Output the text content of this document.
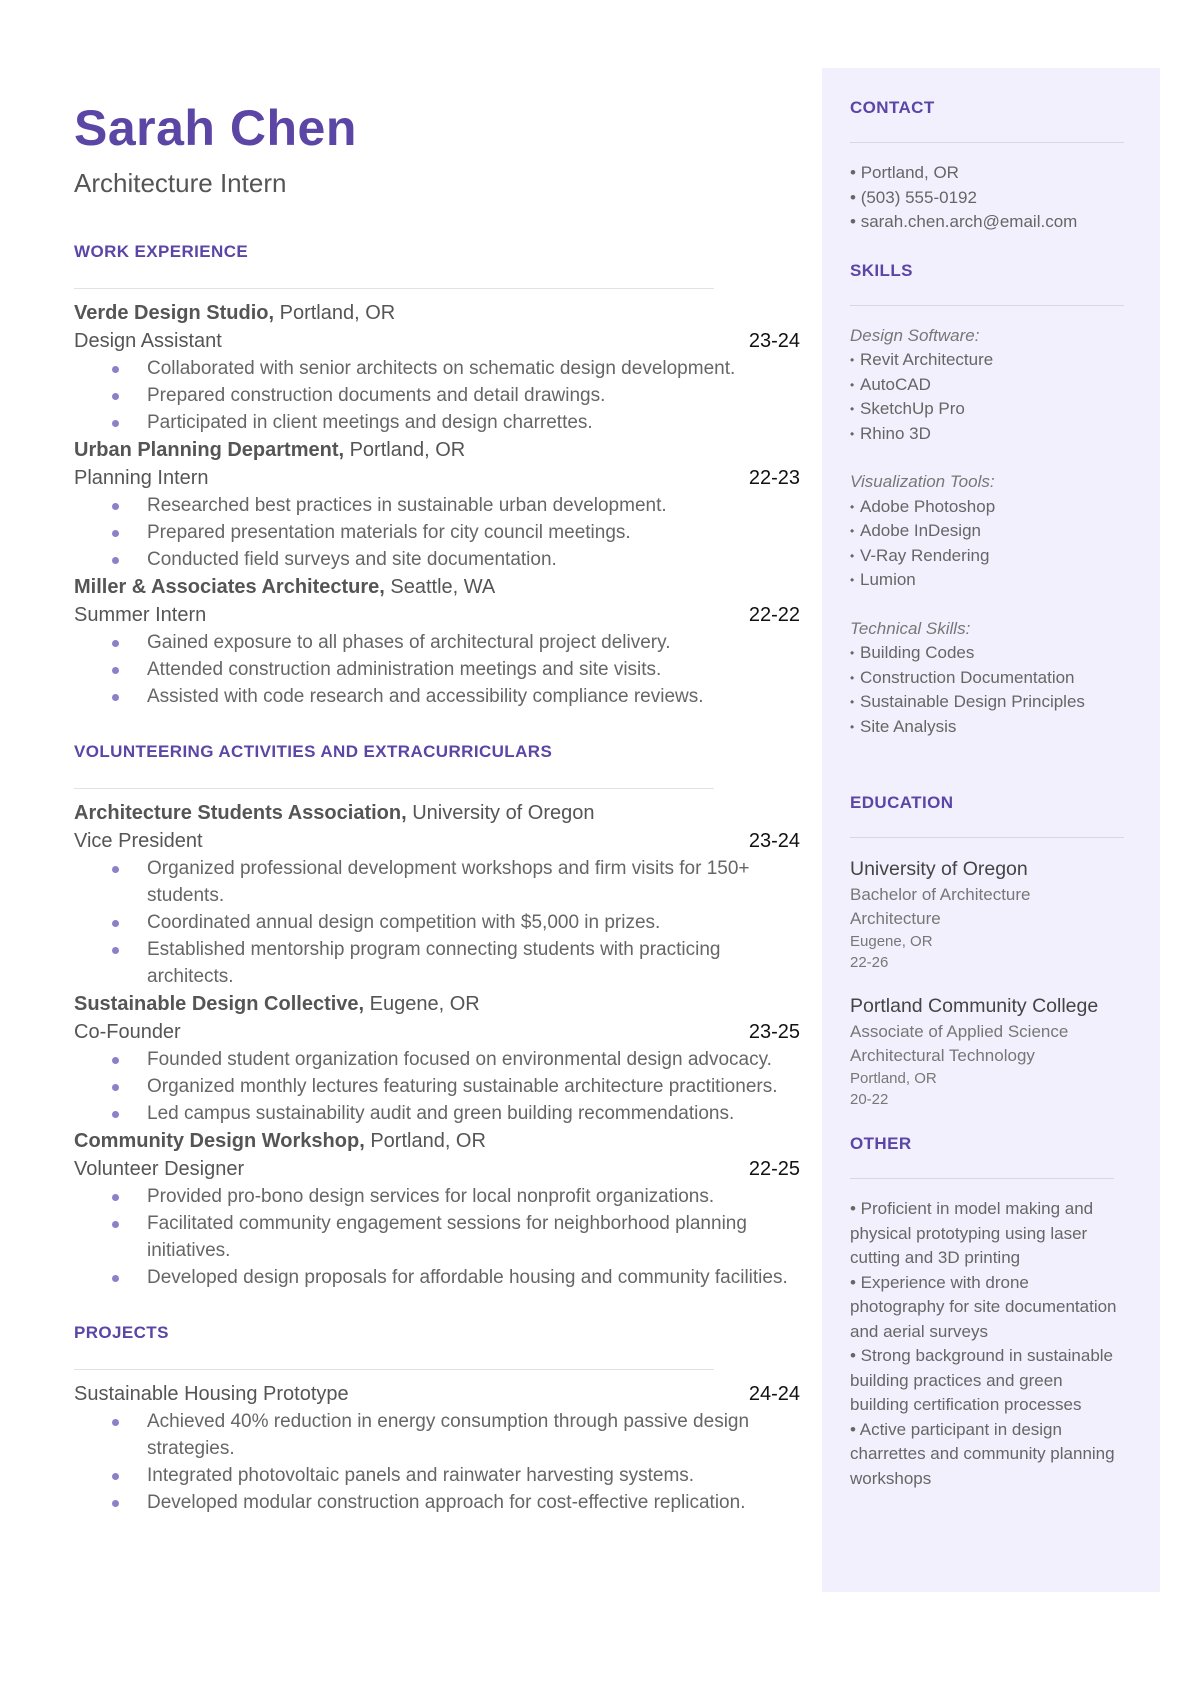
Sarah Chen
Architecture Intern
WORK EXPERIENCE
Verde Design Studio, Portland, OR
Design Assistant	23-24
Collaborated with senior architects on schematic design development.
Prepared construction documents and detail drawings.
Participated in client meetings and design charrettes.
Urban Planning Department, Portland, OR
Planning Intern	22-23
Researched best practices in sustainable urban development.
Prepared presentation materials for city council meetings.
Conducted field surveys and site documentation.
Miller & Associates Architecture, Seattle, WA
Summer Intern	22-22
Gained exposure to all phases of architectural project delivery.
Attended construction administration meetings and site visits.
Assisted with code research and accessibility compliance reviews.
VOLUNTEERING ACTIVITIES AND EXTRACURRICULARS
Architecture Students Association, University of Oregon
Vice President	23-24
Organized professional development workshops and firm visits for 150+ students.
Coordinated annual design competition with $5,000 in prizes.
Established mentorship program connecting students with practicing architects.
Sustainable Design Collective, Eugene, OR
Co-Founder	23-25
Founded student organization focused on environmental design advocacy.
Organized monthly lectures featuring sustainable architecture practitioners.
Led campus sustainability audit and green building recommendations.
Community Design Workshop, Portland, OR
Volunteer Designer	22-25
Provided pro-bono design services for local nonprofit organizations.
Facilitated community engagement sessions for neighborhood planning initiatives.
Developed design proposals for affordable housing and community facilities.
PROJECTS
Sustainable Housing Prototype	24-24
Achieved 40% reduction in energy consumption through passive design strategies.
Integrated photovoltaic panels and rainwater harvesting systems.
Developed modular construction approach for cost-effective replication.
CONTACT
• Portland, OR
• (503) 555-0192
• sarah.chen.arch@email.com
SKILLS
Design Software:
• Revit Architecture
• AutoCAD
• SketchUp Pro
• Rhino 3D
Visualization Tools:
• Adobe Photoshop
• Adobe InDesign
• V-Ray Rendering
• Lumion
Technical Skills:
• Building Codes
• Construction Documentation
• Sustainable Design Principles
• Site Analysis
EDUCATION
University of Oregon
Bachelor of Architecture
Architecture
Eugene, OR
22-26
Portland Community College
Associate of Applied Science
Architectural Technology
Portland, OR
20-22
OTHER
• Proficient in model making and physical prototyping using laser cutting and 3D printing
• Experience with drone photography for site documentation and aerial surveys
• Strong background in sustainable building practices and green building certification processes
• Active participant in design charrettes and community planning workshops
